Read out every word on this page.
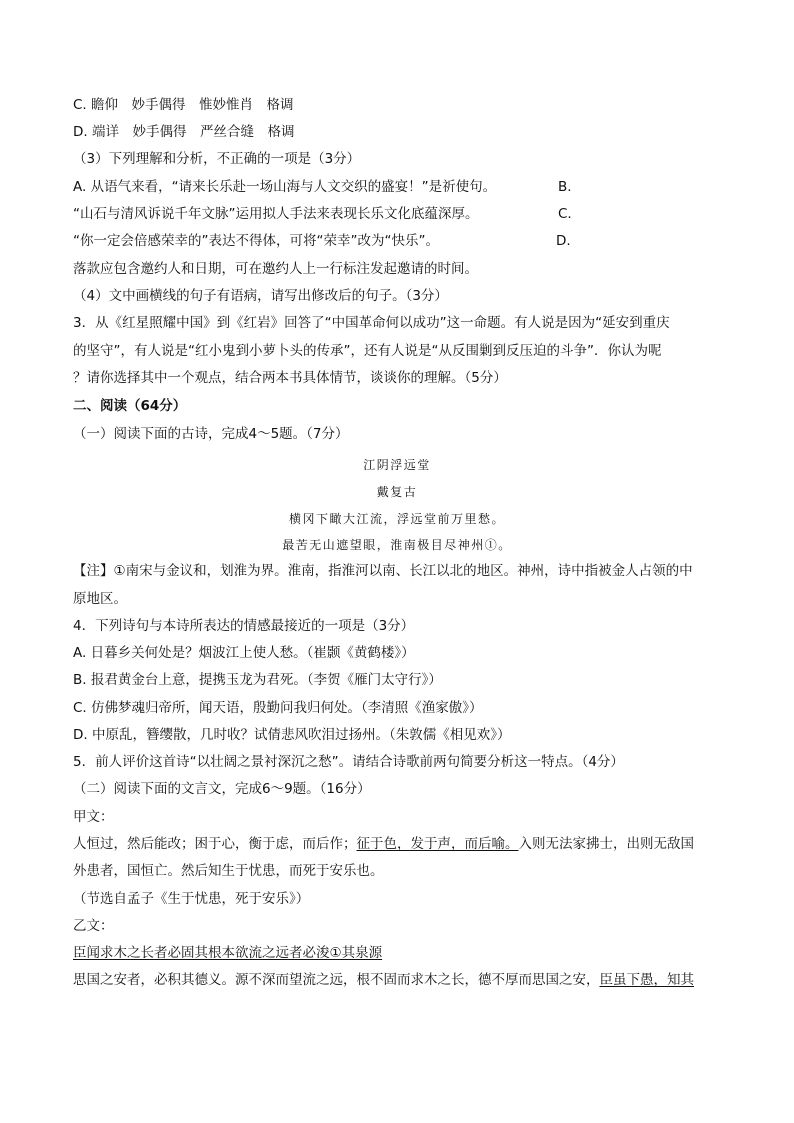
C. 瞻仰　妙手偶得　惟妙惟肖　格调
D. 端详　妙手偶得　严丝合缝　格调
（3）下列理解和分析，不正确的一项是（3分）
A. 从语气来看，“请来长乐赴一场山海与人文交织的盛宴！”是祈使句。	B.
“山石与清风诉说千年文脉”运用拟人手法来表现长乐文化底蕴深厚。	C.
“你一定会倍感荣幸的”表达不得体，可将“荣幸”改为“快乐”。	D.
落款应包含邀约人和日期，可在邀约人上一行标注发起邀请的时间。
（4）文中画横线的句子有语病，请写出修改后的句子。（3分）
3．从《红星照耀中国》到《红岩》回答了“中国革命何以成功”这一命题。有人说是因为“延安到重庆
的坚守”，有人说是“红小鬼到小萝卜头的传承”，还有人说是“从反围剿到反压迫的斗争”．你认为呢
？请你选择其中一个观点，结合两本书具体情节，谈谈你的理解。（5分）
二、阅读（64分）
（一）阅读下面的古诗，完成4～5题。（7分）
江阴浮远堂
戴复古
横冈下瞰大江流，浮远堂前万里愁。
最苦无山遮望眼，淮南极目尽神州①。
【注】①南宋与金议和，划淮为界。淮南，指淮河以南、长江以北的地区。神州，诗中指被金人占领的中
原地区。
4．下列诗句与本诗所表达的情感最接近的一项是（3分）
A. 日暮乡关何处是？烟波江上使人愁。（崔颢《黄鹤楼》）
B. 报君黄金台上意，提携玉龙为君死。（李贺《雁门太守行》）
C. 仿佛梦魂归帝所，闻天语，殷勤问我归何处。（李清照《渔家傲》）
D. 中原乱，簪缨散，几时收？试倩悲风吹泪过扬州。（朱敦儒《相见欢》）
5．前人评价这首诗“以壮阔之景衬深沉之愁”。请结合诗歌前两句简要分析这一特点。（4分）
（二）阅读下面的文言文，完成6～9题。（16分）
甲文：
人恒过，然后能改；困于心，衡于虑，而后作；征于色，发于声，而后喻。入则无法家拂士，出则无敌国
外患者，国恒亡。然后知生于忧患，而死于安乐也。
（节选自孟子《生于忧患，死于安乐》）
乙文：
臣闻求木之长者必固其根本欲流之远者必浚①其泉源
思国之安者，必积其德义。源不深而望流之远，根不固而求木之长，德不厚而思国之安，臣虽下愚，知其
